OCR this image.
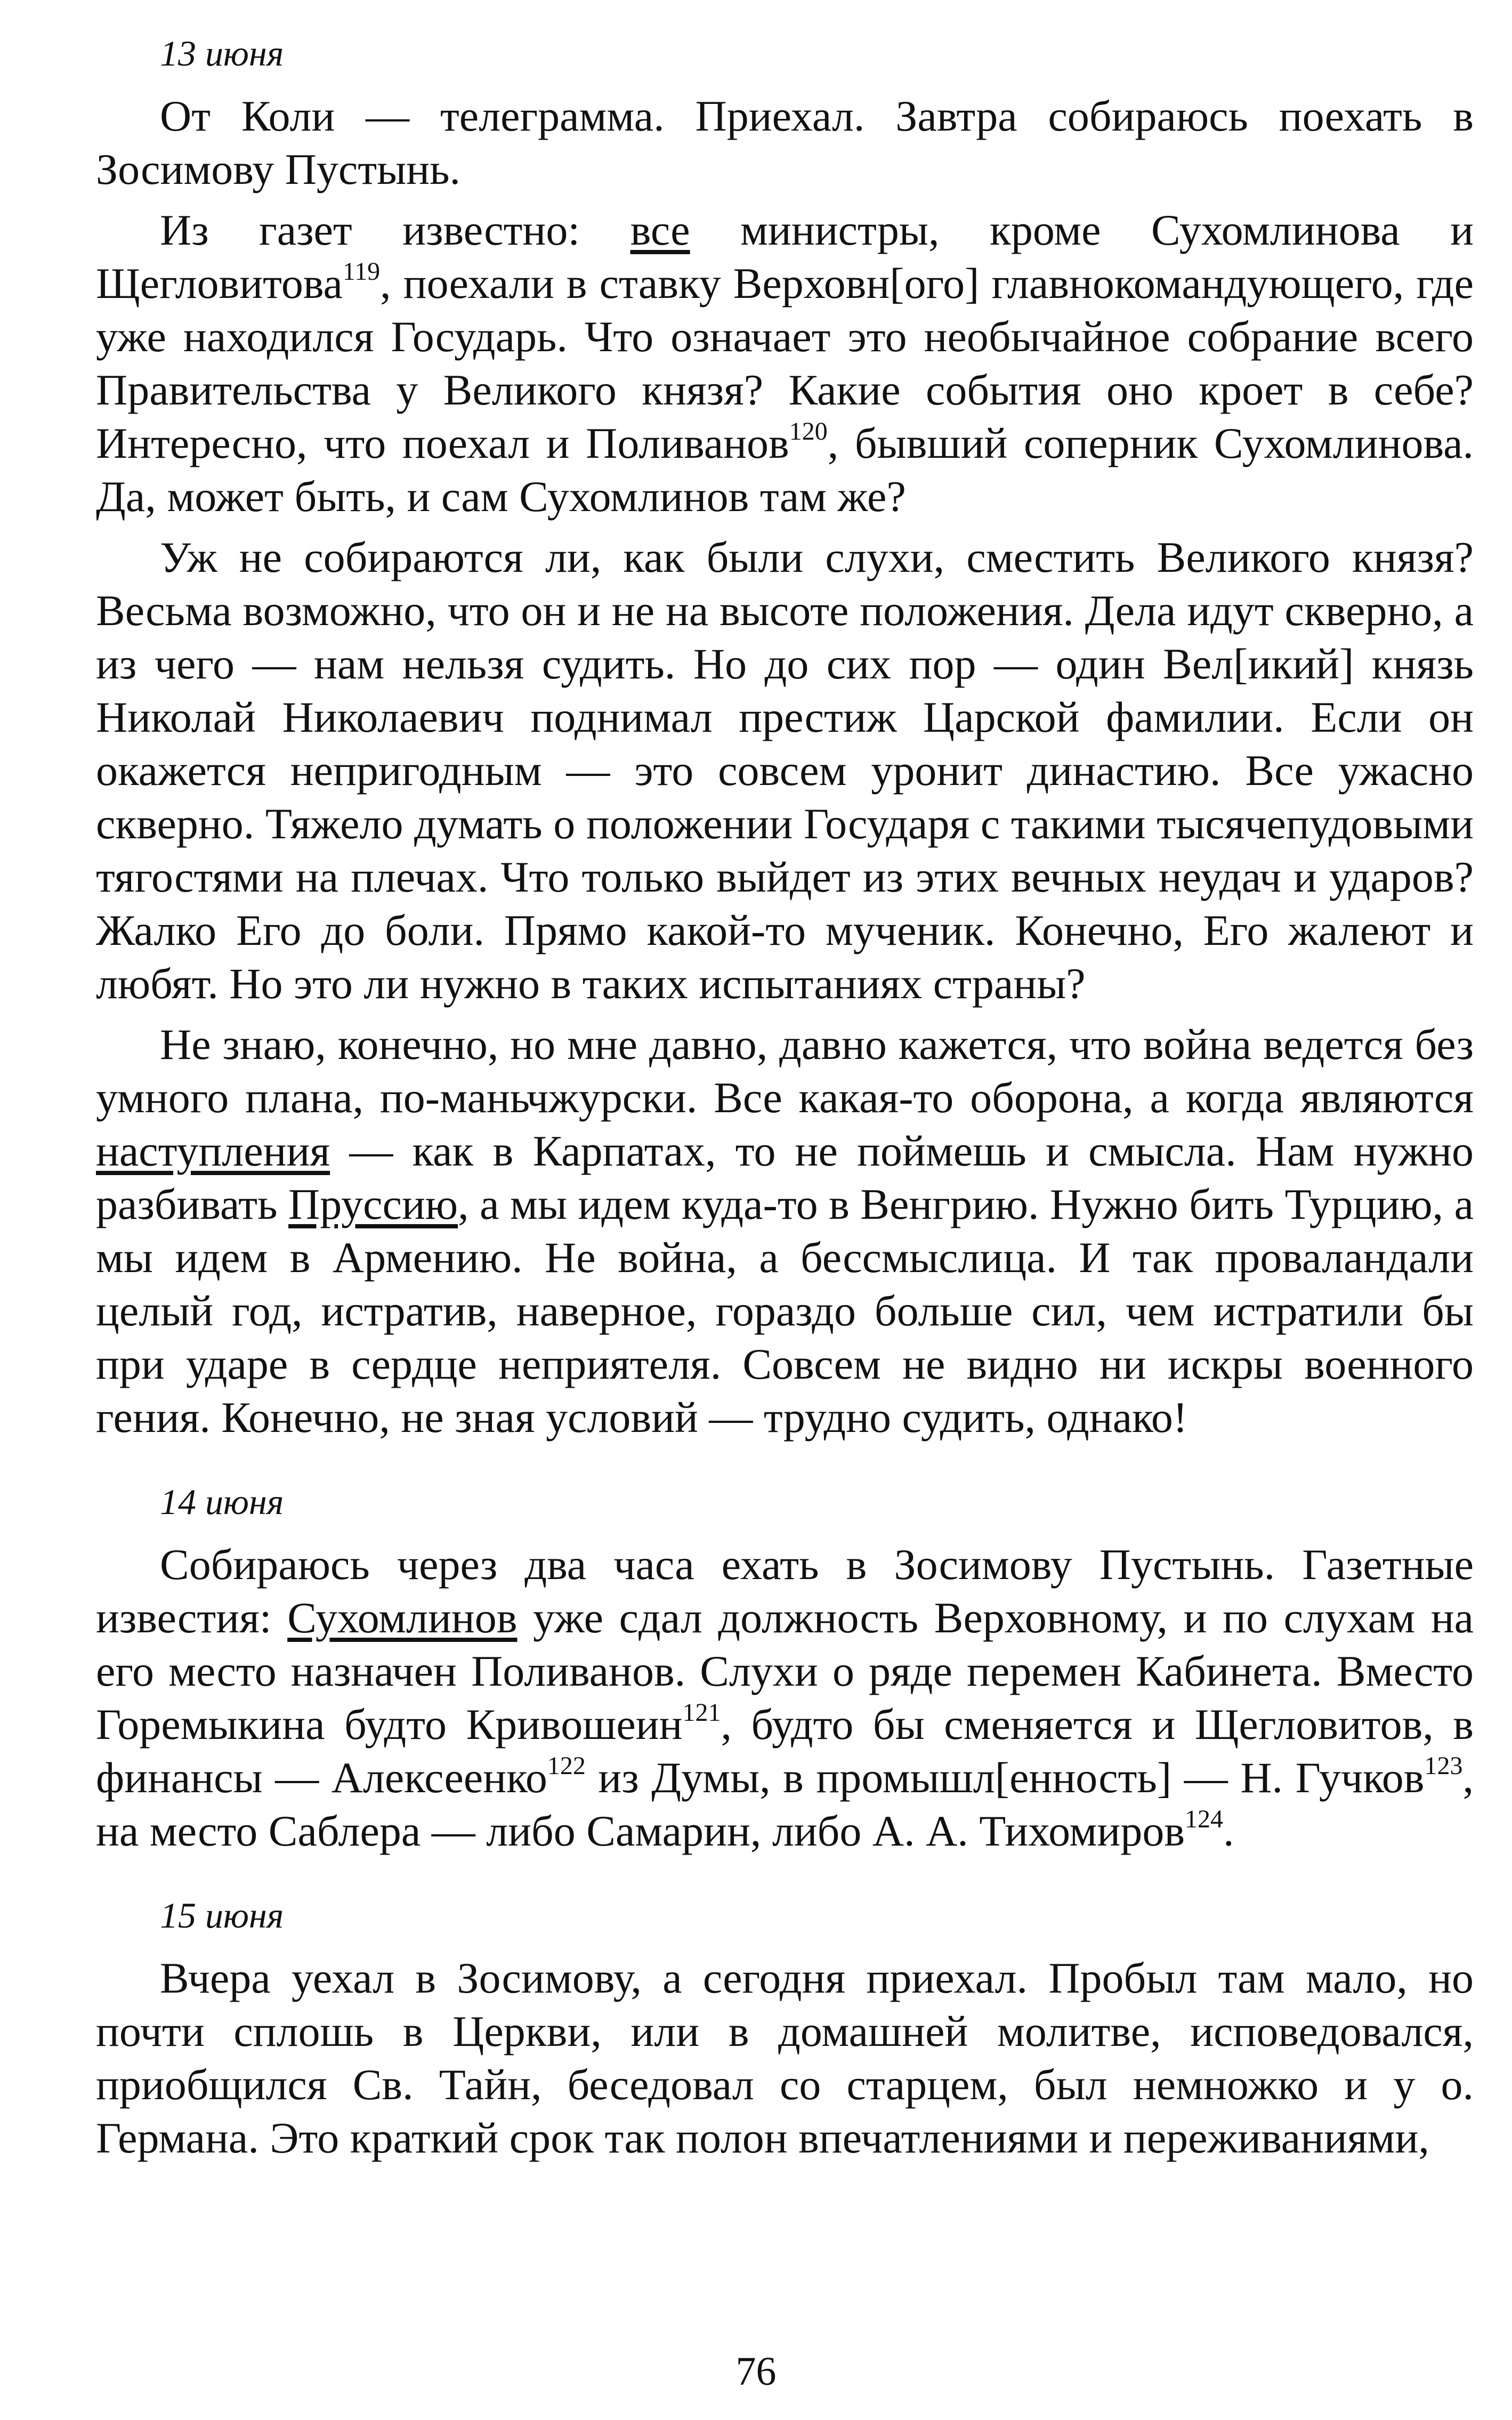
13 июня

От Коли — телеграмма. Приехал. Завтра собираюсь поехать в Зосимову Пустынь.

Из газет известно: все министры, кроме Сухомлинова и Щегловитова$^{119}$, поехали в ставку Верховн[ого] главнокомандующего, где уже находился Государь. Что означает это необычайное собрание всего Правительства у Великого князя? Какие события оно кроет в себе? Интересно, что поехал и Поливанов$^{120}$, бывший соперник Сухомлинова. Да, может быть, и сам Сухомлинов там же?

Уж не собираются ли, как были слухи, сместить Великого князя? Весьма возможно, что он и не на высоте положения. Дела идут скверно, а из чего — нам нельзя судить. Но до сих пор — один Вел[икий] князь Николай Николаевич поднимал престиж Царской фамилии. Если он окажется непригодным — это совсем уронит династию. Все ужасно скверно. Тяжело думать о положении Государя с такими тысячепудовыми тягостями на плечах. Что только выйдет из этих вечных неудач и ударов? Жалко Его до боли. Прямо какой-то мученик. Конечно, Его жалеют и любят. Но это ли нужно в таких испытаниях страны?

Не знаю, конечно, но мне давно, давно кажется, что война ведется без умного плана, по-маньчжурски. Все какая-то оборона, а когда являются наступления — как в Карпатах, то не поймешь и смысла. Нам нужно разбивать Пруссию, а мы идем куда-то в Венгрию. Нужно бить Турцию, а мы идем в Армению. Не война, а бессмыслица. И так проваландали целый год, истратив, наверное, гораздо больше сил, чем истратили бы при ударе в сердце неприятеля. Совсем не видно ни искры военного гения. Конечно, не зная условий — трудно судить, однако!

14 июня

Собираюсь через два часа ехать в Зосимову Пустынь. Газетные известия: Сухомлинов уже сдал должность Верховному, и по слухам на его место назначен Поливанов. Слухи о ряде перемен Кабинета. Вместо Горемыкина будто Кривошеин$^{121}$, будто бы сменяется и Щегловитов, в финансы — Алексеенко$^{122}$ из Думы, в промышл[енность] — Н. Гучков$^{123}$, на место Саблера — либо Самарин, либо А. А. Тихомиров$^{124}$.

15 июня

Вчера уехал в Зосимову, а сегодня приехал. Пробыл там мало, но почти сплошь в Церкви, или в домашней молитве, исповедовался, приобщился Св. Тайн, беседовал со старцем, был немножко и у о. Германа. Это краткий срок так полон впечатлениями и переживаниями,

76
